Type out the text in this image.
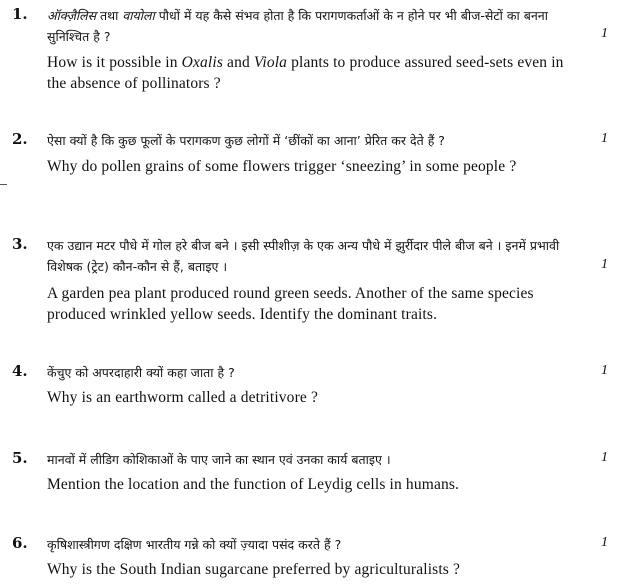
1. ऑक्ज़ैलिस तथा वायोला पौधों में यह कैसे संभव होता है कि परागणकर्ताओं के न होने पर भी बीज-सेटों का बनना सुनिश्चित है ?	1
How is it possible in Oxalis and Viola plants to produce assured seed-sets even in the absence of pollinators ?
2. ऐसा क्यों है कि कुछ फूलों के परागकण कुछ लोगों में ‘छींकों का आना’ प्रेरित कर देते हैं ?	1
Why do pollen grains of some flowers trigger ‘sneezing’ in some people ?
3. एक उद्यान मटर पौधे में गोल हरे बीज बने । इसी स्पीशीज़ के एक अन्य पौधे में झुर्रीदार पीले बीज बने । इनमें प्रभावी विशेषक (ट्रेट) कौन-कौन से हैं, बताइए ।	1
A garden pea plant produced round green seeds. Another of the same species produced wrinkled yellow seeds. Identify the dominant traits.
4. केंचुए को अपरदाहारी क्यों कहा जाता है ?	1
Why is an earthworm called a detritivore ?
5. मानवों में लीडिग कोशिकाओं के पाए जाने का स्थान एवं उनका कार्य बताइए ।	1
Mention the location and the function of Leydig cells in humans.
6. कृषिशास्त्रीगण दक्षिण भारतीय गन्ने को क्यों ज़्यादा पसंद करते हैं ?	1
Why is the South Indian sugarcane preferred by agriculturalists ?
